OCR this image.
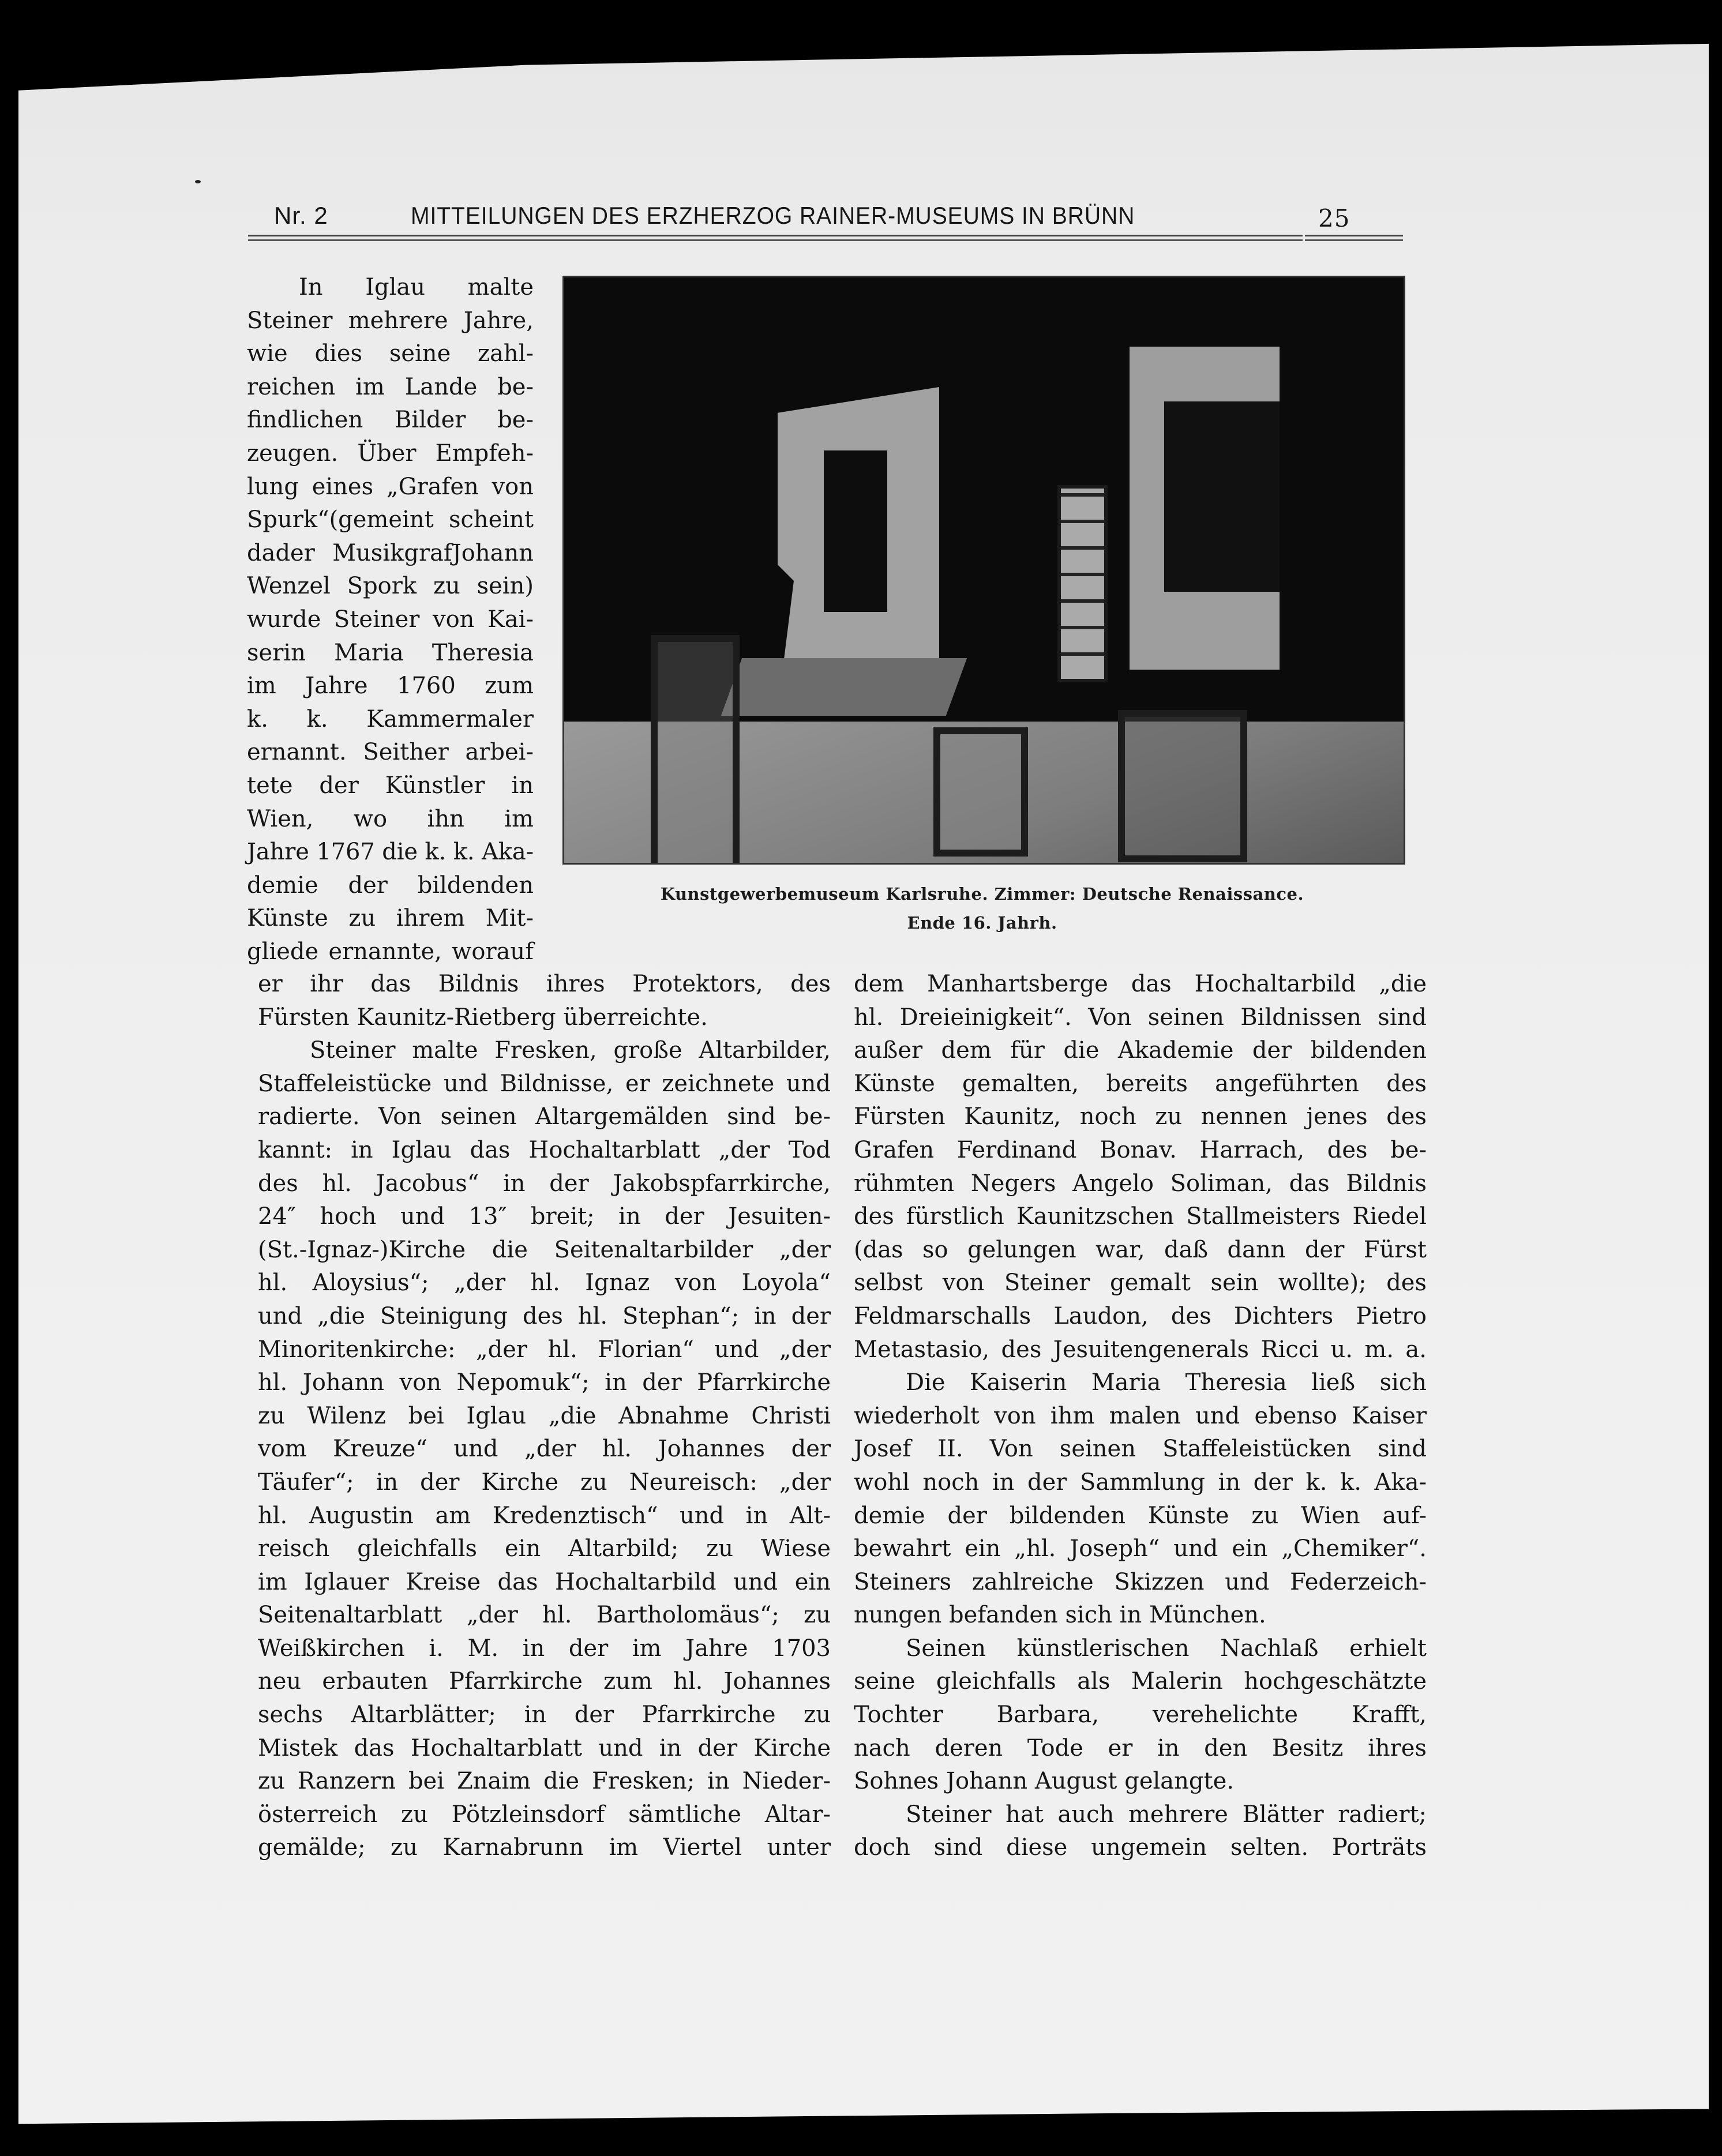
Nr. 2	MITTEILUNGEN DES ERZHERZOG RAINER-MUSEUMS IN BRÜNN	25
Kunstgewerbemuseum Karlsruhe. Zimmer: Deutsche Renaissance.
Ende 16. Jahrh.
In Iglau malte
Steiner mehrere Jahre,
wie dies seine zahl-
reichen im Lande be-
findlichen Bilder be-
zeugen. Über Empfeh-
lung eines „Grafen von
Spurk“(gemeint scheint
dader MusikgrafJohann
Wenzel Spork zu sein)
wurde Steiner von Kai-
serin Maria Theresia
im Jahre 1760 zum
k. k. Kammermaler
ernannt. Seither arbei-
tete der Künstler in
Wien, wo ihn im
Jahre 1767 die k. k. Aka-
demie der bildenden
Künste zu ihrem Mit-
gliede ernannte, worauf
er ihr das Bildnis ihres Protektors, des
Fürsten Kaunitz-Rietberg überreichte.
Steiner malte Fresken, große Altarbilder,
Staffeleistücke und Bildnisse, er zeichnete und
radierte. Von seinen Altargemälden sind be-
kannt: in Iglau das Hochaltarblatt „der Tod
des hl. Jacobus“ in der Jakobspfarrkirche,
24″ hoch und 13″ breit; in der Jesuiten-
(St.-Ignaz-)Kirche die Seitenaltarbilder „der
hl. Aloysius“; „der hl. Ignaz von Loyola“
und „die Steinigung des hl. Stephan“; in der
Minoritenkirche: „der hl. Florian“ und „der
hl. Johann von Nepomuk“; in der Pfarrkirche
zu Wilenz bei Iglau „die Abnahme Christi
vom Kreuze“ und „der hl. Johannes der
Täufer“; in der Kirche zu Neureisch: „der
hl. Augustin am Kredenztisch“ und in Alt-
reisch gleichfalls ein Altarbild; zu Wiese
im Iglauer Kreise das Hochaltarbild und ein
Seitenaltarblatt „der hl. Bartholomäus“; zu
Weißkirchen i. M. in der im Jahre 1703
neu erbauten Pfarrkirche zum hl. Johannes
sechs Altarblätter; in der Pfarrkirche zu
Mistek das Hochaltarblatt und in der Kirche
zu Ranzern bei Znaim die Fresken; in Nieder-
österreich zu Pötzleinsdorf sämtliche Altar-
gemälde; zu Karnabrunn im Viertel unter
dem Manhartsberge das Hochaltarbild „die
hl. Dreieinigkeit“. Von seinen Bildnissen sind
außer dem für die Akademie der bildenden
Künste gemalten, bereits angeführten des
Fürsten Kaunitz, noch zu nennen jenes des
Grafen Ferdinand Bonav. Harrach, des be-
rühmten Negers Angelo Soliman, das Bildnis
des fürstlich Kaunitzschen Stallmeisters Riedel
(das so gelungen war, daß dann der Fürst
selbst von Steiner gemalt sein wollte); des
Feldmarschalls Laudon, des Dichters Pietro
Metastasio, des Jesuitengenerals Ricci u. m. a.
Die Kaiserin Maria Theresia ließ sich
wiederholt von ihm malen und ebenso Kaiser
Josef II. Von seinen Staffeleistücken sind
wohl noch in der Sammlung in der k. k. Aka-
demie der bildenden Künste zu Wien auf-
bewahrt ein „hl. Joseph“ und ein „Chemiker“.
Steiners zahlreiche Skizzen und Federzeich-
nungen befanden sich in München.
Seinen künstlerischen Nachlaß erhielt
seine gleichfalls als Malerin hochgeschätzte
Tochter Barbara, verehelichte Krafft,
nach deren Tode er in den Besitz ihres
Sohnes Johann August gelangte.
Steiner hat auch mehrere Blätter radiert;
doch sind diese ungemein selten. Porträts
